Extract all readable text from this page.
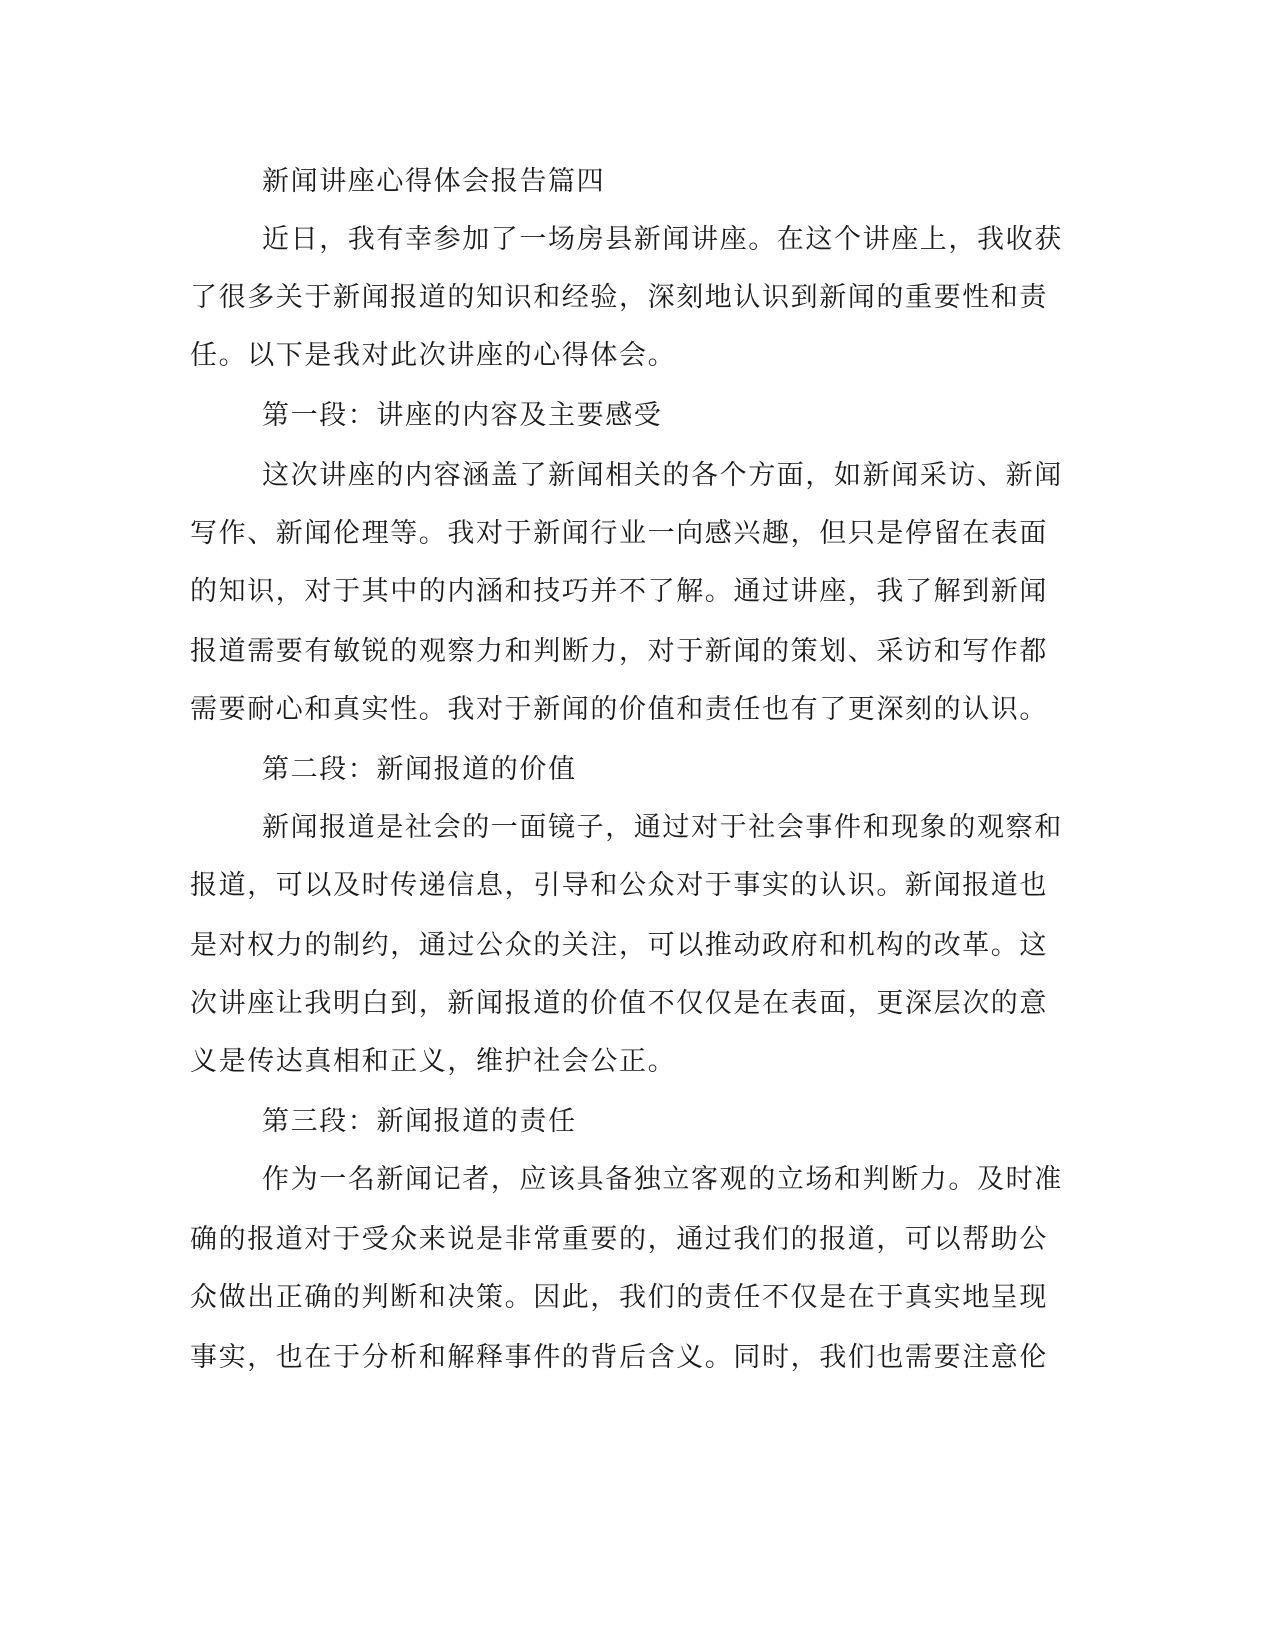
新闻讲座心得体会报告篇四
近日，我有幸参加了一场房县新闻讲座。在这个讲座上，我收获
了很多关于新闻报道的知识和经验，深刻地认识到新闻的重要性和责
任。以下是我对此次讲座的心得体会。
第一段：讲座的内容及主要感受
这次讲座的内容涵盖了新闻相关的各个方面，如新闻采访、新闻
写作、新闻伦理等。我对于新闻行业一向感兴趣，但只是停留在表面
的知识，对于其中的内涵和技巧并不了解。通过讲座，我了解到新闻
报道需要有敏锐的观察力和判断力，对于新闻的策划、采访和写作都
需要耐心和真实性。我对于新闻的价值和责任也有了更深刻的认识。
第二段：新闻报道的价值
新闻报道是社会的一面镜子，通过对于社会事件和现象的观察和
报道，可以及时传递信息，引导和公众对于事实的认识。新闻报道也
是对权力的制约，通过公众的关注，可以推动政府和机构的改革。这
次讲座让我明白到，新闻报道的价值不仅仅是在表面，更深层次的意
义是传达真相和正义，维护社会公正。
第三段：新闻报道的责任
作为一名新闻记者，应该具备独立客观的立场和判断力。及时准
确的报道对于受众来说是非常重要的，通过我们的报道，可以帮助公
众做出正确的判断和决策。因此，我们的责任不仅是在于真实地呈现
事实，也在于分析和解释事件的背后含义。同时，我们也需要注意伦
